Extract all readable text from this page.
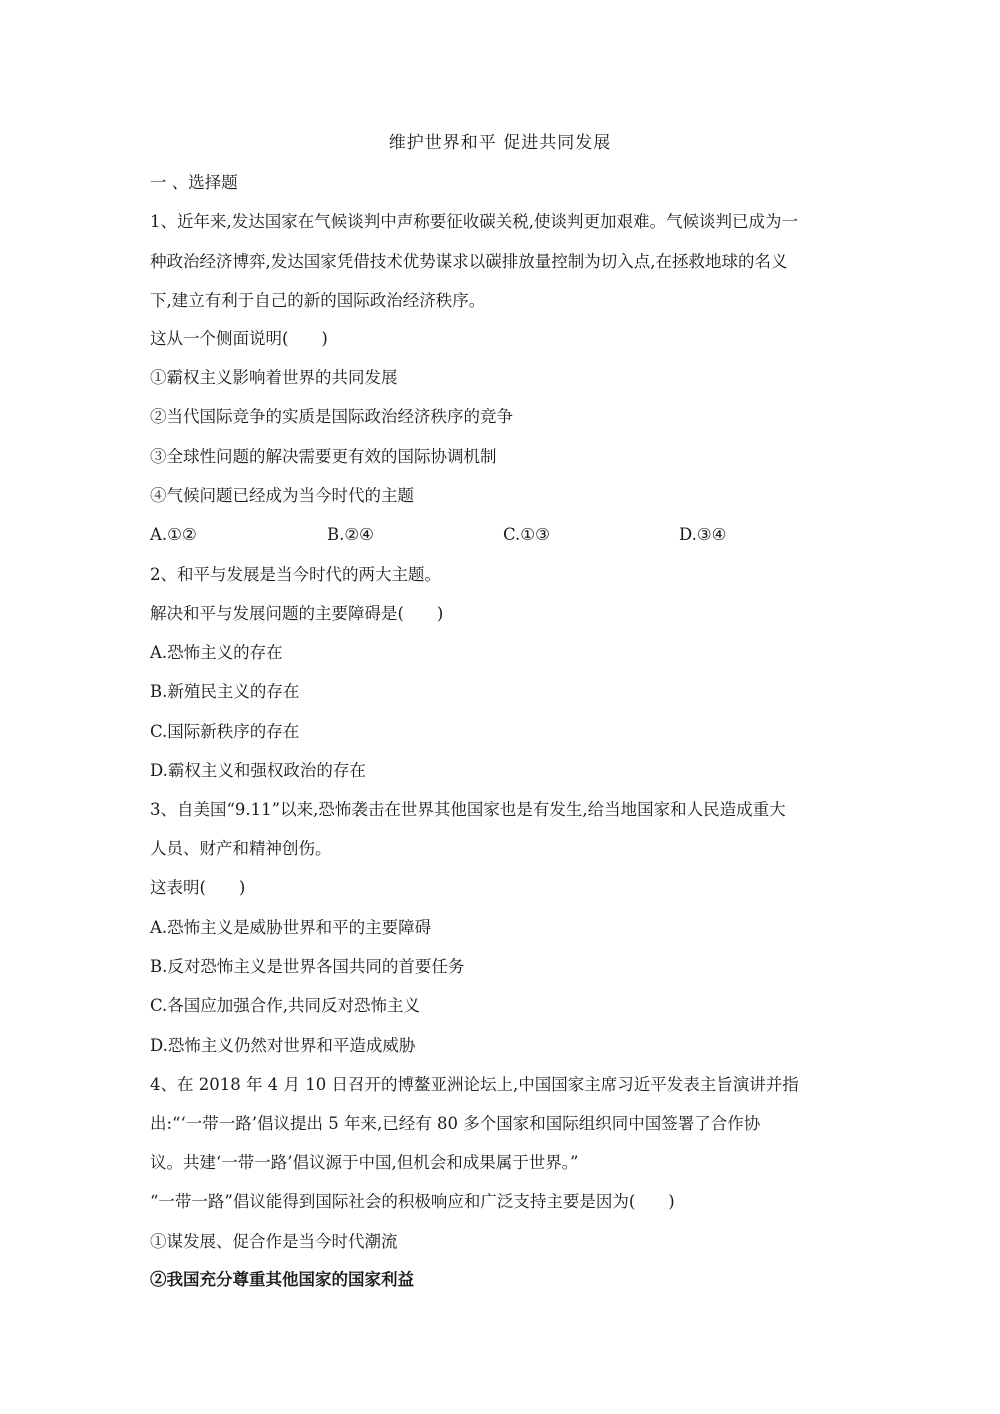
维护世界和平 促进共同发展
一 、选择题
1、近年来,发达国家在气候谈判中声称要征收碳关税,使谈判更加艰难。气候谈判已成为一
种政治经济博弈,发达国家凭借技术优势谋求以碳排放量控制为切入点,在拯救地球的名义
下,建立有利于自己的新的国际政治经济秩序。
这从一个侧面说明(　　)
①霸权主义影响着世界的共同发展
②当代国际竞争的实质是国际政治经济秩序的竞争
③全球性问题的解决需要更有效的国际协调机制
④气候问题已经成为当今时代的主题
A.①②	B.②④	C.①③	D.③④
2、和平与发展是当今时代的两大主题。
解决和平与发展问题的主要障碍是(　　)
A.恐怖主义的存在
B.新殖民主义的存在
C.国际新秩序的存在
D.霸权主义和强权政治的存在
3、自美国“9.11”以来,恐怖袭击在世界其他国家也是有发生,给当地国家和人民造成重大
人员、财产和精神创伤。
这表明(　　)
A.恐怖主义是威胁世界和平的主要障碍
B.反对恐怖主义是世界各国共同的首要任务
C.各国应加强合作,共同反对恐怖主义
D.恐怖主义仍然对世界和平造成威胁
4、在 2018 年 4 月 10 日召开的博鳌亚洲论坛上,中国国家主席习近平发表主旨演讲并指
出:“‘一带一路’倡议提出 5 年来,已经有 80 多个国家和国际组织同中国签署了合作协
议。共建‘一带一路’倡议源于中国,但机会和成果属于世界。”
“一带一路”倡议能得到国际社会的积极响应和广泛支持主要是因为(　　)
①谋发展、促合作是当今时代潮流
②我国充分尊重其他国家的国家利益
